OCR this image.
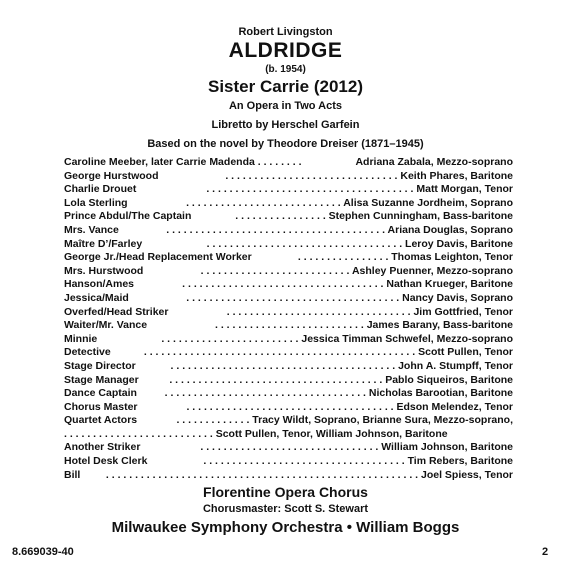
Robert Livingston
ALDRIDGE
(b. 1954)
Sister Carrie (2012)
An Opera in Two Acts
Libretto by Herschel Garfein
Based on the novel by Theodore Dreiser (1871–1945)
Caroline Meeber, later Carrie Madenda . . . . . . . .	Adriana Zabala, Mezzo-soprano
George Hurstwood	. . . . . . . . . . . . . . . . . . . . . . . . . . . . . . Keith Phares, Baritone
Charlie Drouet	. . . . . . . . . . . . . . . . . . . . . . . . . . . . . . . . . . . . Matt Morgan, Tenor
Lola Sterling	. . . . . . . . . . . . . . . . . . . . . . . . . . . Alisa Suzanne Jordheim, Soprano
Prince Abdul/The Captain	. . . . . . . . . . . . . . . . Stephen Cunningham, Bass-baritone
Mrs. Vance	. . . . . . . . . . . . . . . . . . . . . . . . . . . . . . . . . . . . . . Ariana Douglas, Soprano
Maître D’/Farley	. . . . . . . . . . . . . . . . . . . . . . . . . . . . . . . . . . Leroy Davis, Baritone
George Jr./Head Replacement Worker	. . . . . . . . . . . . . . . . Thomas Leighton, Tenor
Mrs. Hurstwood	. . . . . . . . . . . . . . . . . . . . . . . . . . Ashley Puenner, Mezzo-soprano
Hanson/Ames	. . . . . . . . . . . . . . . . . . . . . . . . . . . . . . . . . . . Nathan Krueger, Baritone
Jessica/Maid	. . . . . . . . . . . . . . . . . . . . . . . . . . . . . . . . . . . . . Nancy Davis, Soprano
Overfed/Head Striker	. . . . . . . . . . . . . . . . . . . . . . . . . . . . . . . . Jim Gottfried, Tenor
Waiter/Mr. Vance	. . . . . . . . . . . . . . . . . . . . . . . . . . James Barany, Bass-baritone
Minnie	. . . . . . . . . . . . . . . . . . . . . . . . Jessica Timman Schwefel, Mezzo-soprano
Detective	. . . . . . . . . . . . . . . . . . . . . . . . . . . . . . . . . . . . . . . . . . . . . . . Scott Pullen, Tenor
Stage Director	. . . . . . . . . . . . . . . . . . . . . . . . . . . . . . . . . . . . . . . John A. Stumpff, Tenor
Stage Manager	. . . . . . . . . . . . . . . . . . . . . . . . . . . . . . . . . . . . . Pablo Siqueiros, Baritone
Dance Captain	. . . . . . . . . . . . . . . . . . . . . . . . . . . . . . . . . . . Nicholas Barootian, Baritone
Chorus Master	. . . . . . . . . . . . . . . . . . . . . . . . . . . . . . . . . . . . Edson Melendez, Tenor
Quartet Actors	. . . . . . . . . . . . . Tracy Wildt, Soprano, Brianne Sura, Mezzo-soprano,
. . . . . . . . . . . . . . . . . . . . . . . . . . Scott Pullen, Tenor, William Johnson, Baritone
Another Striker	. . . . . . . . . . . . . . . . . . . . . . . . . . . . . . . William Johnson, Baritone
Hotel Desk Clerk	. . . . . . . . . . . . . . . . . . . . . . . . . . . . . . . . . . . Tim Rebers, Baritone
Bill . . . . . . . . . . . . . . . . . . . . . . . . . . . . . . . . . . . . . . . . . . . . . . . . . . . . . . Joel Spiess, Tenor
Florentine Opera Chorus
Chorusmaster: Scott S. Stewart
Milwaukee Symphony Orchestra • William Boggs
8.669039-40	2
